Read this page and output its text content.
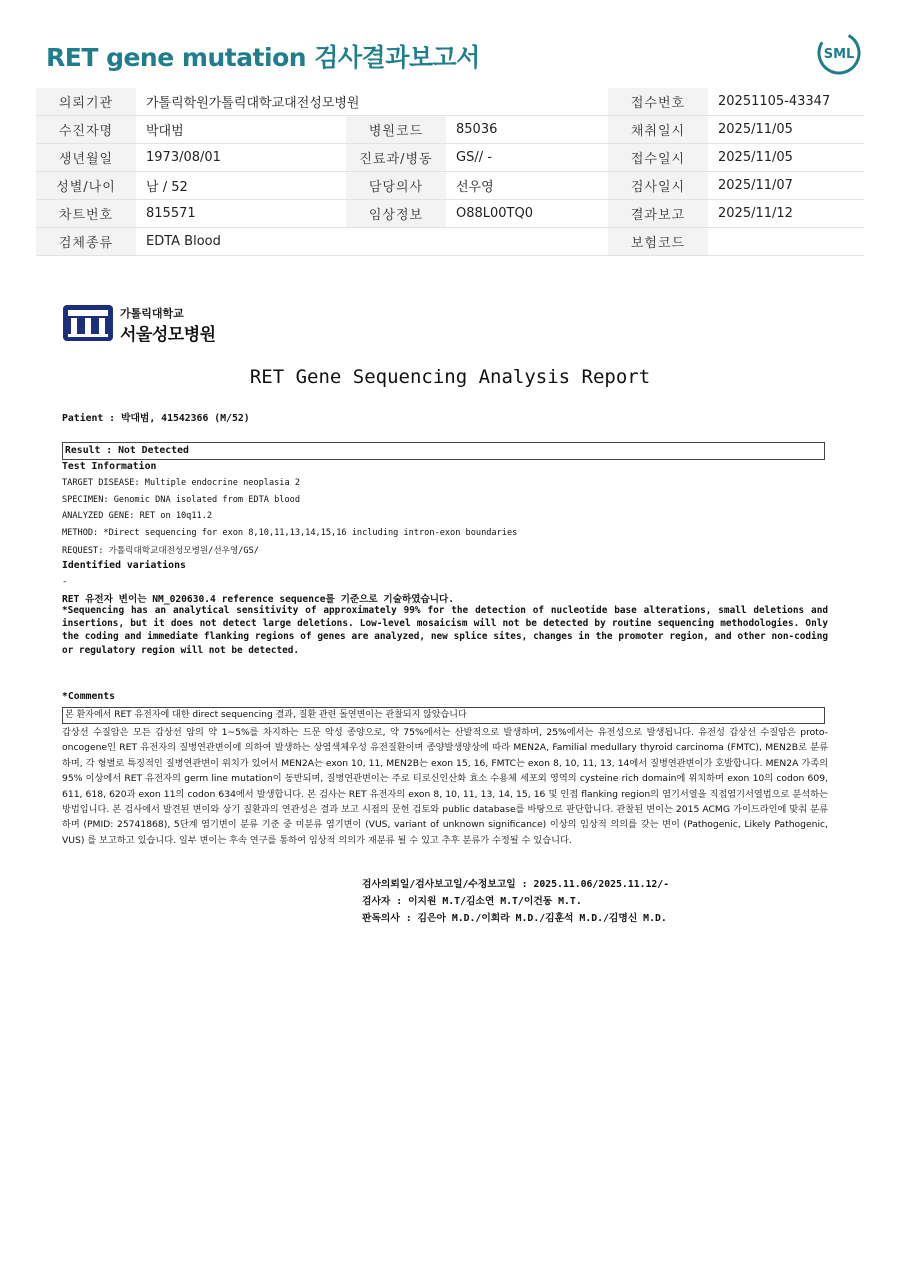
RET gene mutation 검사결과보고서	SML
의뢰기관	가톨릭학원가톨릭대학교대전성모병원			접수번호	20251105-43347
수진자명	박대범	병원코드	85036	채취일시	2025/11/05
생년월일	1973/08/01	진료과/병동	GS// -	접수일시	2025/11/05
성별/나이	남 / 52	담당의사	선우영	검사일시	2025/11/07
차트번호	815571	임상정보	O88L00TQ0	결과보고	2025/11/12
검체종류	EDTA Blood			보험코드	
가톨릭대학교
서울성모병원
RET Gene Sequencing Analysis Report
Patient : 박대범, 41542366 (M/52)
Result : Not Detected
Test Information
TARGET DISEASE: Multiple endocrine neoplasia 2
SPECIMEN: Genomic DNA isolated from EDTA blood
ANALYZED GENE: RET on 10q11.2
METHOD: *Direct sequencing for exon 8,10,11,13,14,15,16 including intron-exon boundaries
REQUEST: 가톨릭대학교대전성모병원/선우영/GS/
Identified variations
-
RET 유전자 변이는 NM_020630.4 reference sequence를 기준으로 기술하였습니다.
*Sequencing has an analytical sensitivity of approximately 99% for the detection of nucleotide base alterations, small deletions and insertions, but it does not detect large deletions. Low-level mosaicism will not be detected by routine sequencing methodologies. Only the coding and immediate flanking regions of genes are analyzed, new splice sites, changes in the promoter region, and other non-coding or regulatory region will not be detected.
*Comments
본 환자에서 RET 유전자에 대한 direct sequencing 결과, 질환 관련 돌연변이는 관찰되지 않았습니다
갑상선 수질암은 모든 갑상선 암의 약 1~5%를 차지하는 드문 악성 종양으로, 약 75%에서는 산발적으로 발생하며, 25%에서는 유전성으로 발생됩니다. 유전성 갑상선 수질암은 proto-oncogene인 RET 유전자의 질병연관변이에 의하여 발생하는 상염색체우성 유전질환이며 종양발생양상에 따라 MEN2A, Familial medullary thyroid carcinoma (FMTC), MEN2B로 분류하며, 각 형별로 특징적인 질병연관변이 위치가 있어서 MEN2A는 exon 10, 11, MEN2B는 exon 15, 16, FMTC는 exon 8, 10, 11, 13, 14에서 질병연관변이가 호발합니다. MEN2A 가족의 95% 이상에서 RET 유전자의 germ line mutation이 동반되며, 질병연관변이는 주로 티로신인산화 효소 수용체 세포외 영역의 cysteine rich domain에 위치하며 exon 10의 codon 609, 611, 618, 620과 exon 11의 codon 634에서 발생합니다. 본 검사는 RET 유전자의 exon 8, 10, 11, 13, 14, 15, 16 및 인접 flanking region의 염기서열을 직접염기서열법으로 분석하는 방법입니다. 본 검사에서 발견된 변이와 상기 질환과의 연관성은 결과 보고 시점의 문헌 검토와 public database를 바탕으로 판단합니다. 관찰된 변이는 2015 ACMG 가이드라인에 맞춰 분류하며 (PMID: 25741868), 5단계 염기변이 분류 기준 중 미분류 염기변이 (VUS, variant of unknown significance) 이상의 임상적 의의를 갖는 변이 (Pathogenic, Likely Pathogenic, VUS) 를 보고하고 있습니다. 일부 변이는 후속 연구를 통하여 임상적 의의가 재분류 될 수 있고 추후 분류가 수정될 수 있습니다.
검사의뢰일/검사보고일/수정보고일 : 2025.11.06/2025.11.12/-
검사자 : 이지원 M.T/김소연 M.T/이건동 M.T.
판독의사 : 김은아 M.D./이희라 M.D./김훈석 M.D./김명신 M.D.
